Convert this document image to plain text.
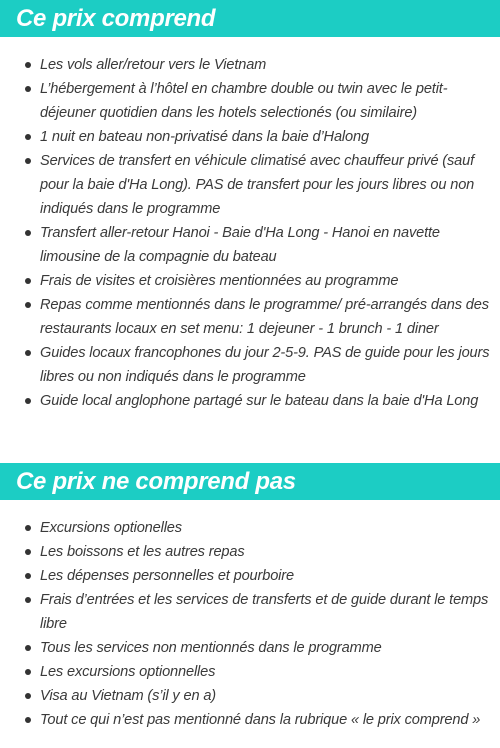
Ce prix comprend
Les vols aller/retour vers le Vietnam
L’hébergement à l’hôtel en chambre double ou twin avec le petit-déjeuner quotidien dans les hotels selectionés (ou similaire)
1 nuit en bateau non-privatisé dans la baie d’Halong
Services de transfert en véhicule climatisé avec chauffeur privé (sauf pour la baie d'Ha Long). PAS de transfert pour les jours libres ou non indiqués dans le programme
Transfert aller-retour Hanoi - Baie d'Ha Long - Hanoi en navette limousine de la compagnie du bateau
Frais de visites et croisières mentionnées au programme
Repas comme mentionnés dans le programme/ pré-arrangés dans des restaurants locaux en set menu: 1 dejeuner - 1 brunch - 1 diner
Guides locaux francophones du jour 2-5-9. PAS de guide pour les jours libres ou non indiqués dans le programme
Guide local anglophone partagé sur le bateau dans la baie d'Ha Long
Ce prix ne comprend pas
Excursions optionelles
Les boissons et les autres repas
Les dépenses personnelles et pourboire
Frais d’entrées et les services de transferts et de guide durant le temps libre
Tous les services non mentionnés dans le programme
Les excursions optionnelles
Visa au Vietnam (s’il y en a)
Tout ce qui n’est pas mentionné dans la rubrique « le prix comprend »
